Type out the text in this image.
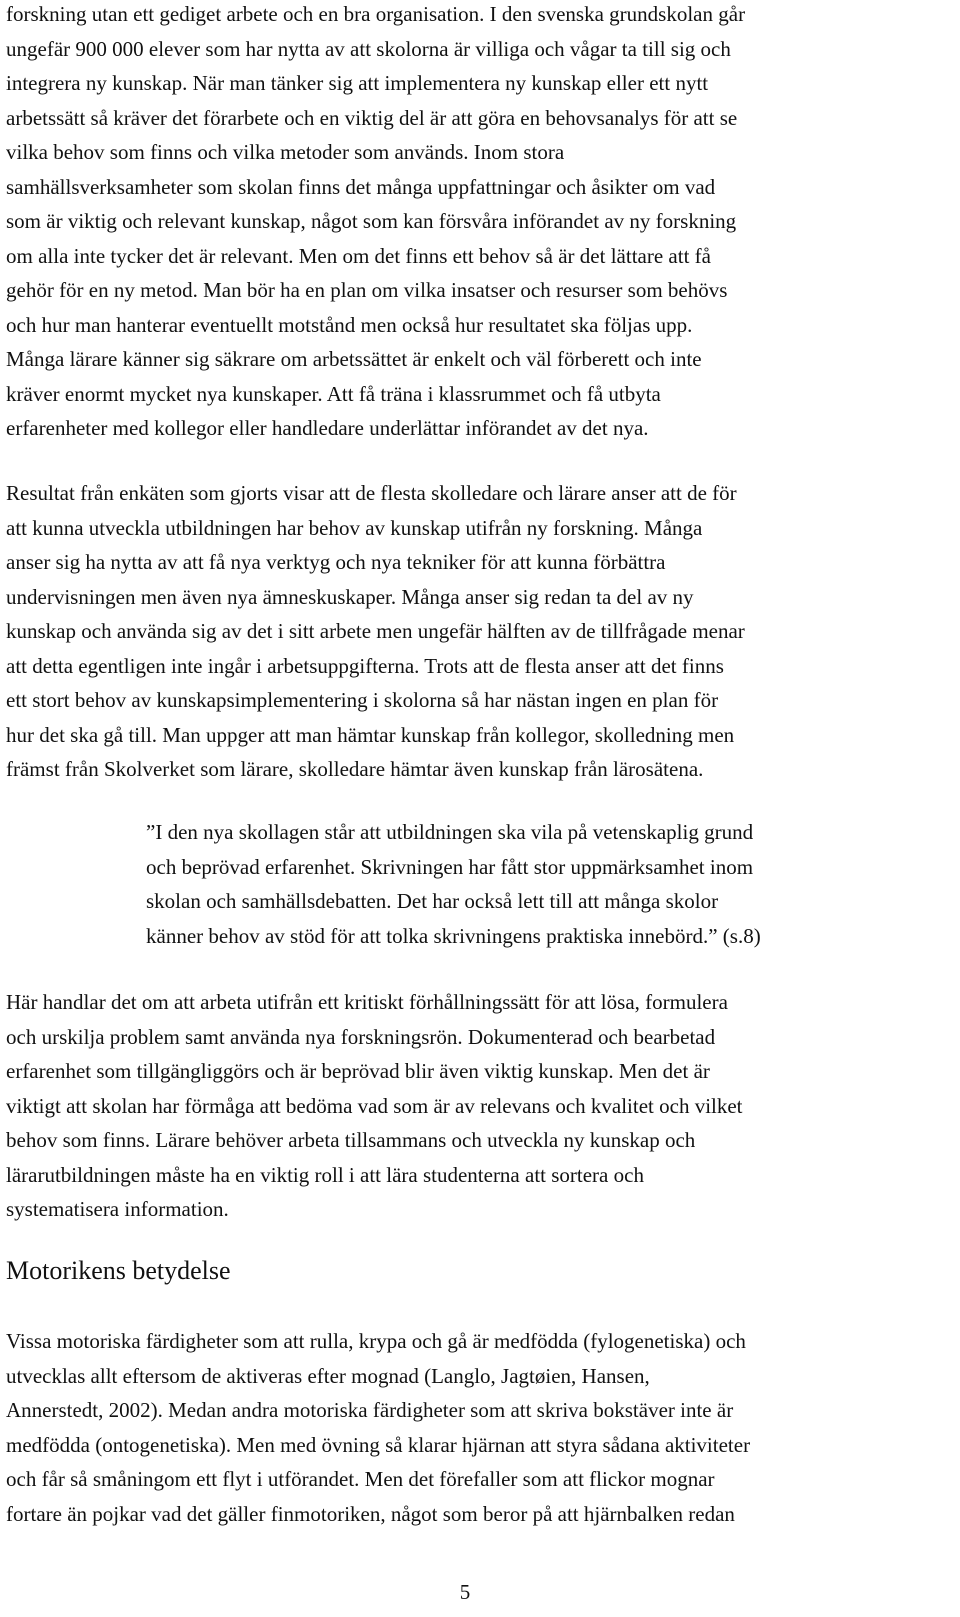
forskning utan ett gediget arbete och en bra organisation. I den svenska grundskolan går
ungefär 900 000 elever som har nytta av att skolorna är villiga och vågar ta till sig och
integrera ny kunskap. När man tänker sig att implementera ny kunskap eller ett nytt
arbetssätt så kräver det förarbete och en viktig del är att göra en behovsanalys för att se
vilka behov som finns och vilka metoder som används. Inom stora
samhällsverksamheter som skolan finns det många uppfattningar och åsikter om vad
som är viktig och relevant kunskap, något som kan försvåra införandet av ny forskning
om alla inte tycker det är relevant. Men om det finns ett behov så är det lättare att få
gehör för en ny metod. Man bör ha en plan om vilka insatser och resurser som behövs
och hur man hanterar eventuellt motstånd men också hur resultatet ska följas upp.
Många lärare känner sig säkrare om arbetssättet är enkelt och väl förberett och inte
kräver enormt mycket nya kunskaper. Att få träna i klassrummet och få utbyta
erfarenheter med kollegor eller handledare underlättar införandet av det nya.
Resultat från enkäten som gjorts visar att de flesta skolledare och lärare anser att de för
att kunna utveckla utbildningen har behov av kunskap utifrån ny forskning. Många
anser sig ha nytta av att få nya verktyg och nya tekniker för att kunna förbättra
undervisningen men även nya ämneskuskaper. Många anser sig redan ta del av ny
kunskap och använda sig av det i sitt arbete men ungefär hälften av de tillfrågade menar
att detta egentligen inte ingår i arbetsuppgifterna. Trots att de flesta anser att det finns
ett stort behov av kunskapsimplementering i skolorna så har nästan ingen en plan för
hur det ska gå till. Man uppger att man hämtar kunskap från kollegor, skolledning men
främst från Skolverket som lärare, skolledare hämtar även kunskap från lärosätena.
”I den nya skollagen står att utbildningen ska vila på vetenskaplig grund
och beprövad erfarenhet. Skrivningen har fått stor uppmärksamhet inom
skolan och samhällsdebatten. Det har också lett till att många skolor
känner behov av stöd för att tolka skrivningens praktiska innebörd.” (s.8)
Här handlar det om att arbeta utifrån ett kritiskt förhållningssätt för att lösa, formulera
och urskilja problem samt använda nya forskningsrön. Dokumenterad och bearbetad
erfarenhet som tillgängliggörs och är beprövad blir även viktig kunskap. Men det är
viktigt att skolan har förmåga att bedöma vad som är av relevans och kvalitet och vilket
behov som finns. Lärare behöver arbeta tillsammans och utveckla ny kunskap och
lärarutbildningen måste ha en viktig roll i att lära studenterna att sortera och
systematisera information.
Motorikens betydelse
Vissa motoriska färdigheter som att rulla, krypa och gå är medfödda (fylogenetiska) och
utvecklas allt eftersom de aktiveras efter mognad (Langlo, Jagtøien, Hansen,
Annerstedt, 2002). Medan andra motoriska färdigheter som att skriva bokstäver inte är
medfödda (ontogenetiska). Men med övning så klarar hjärnan att styra sådana aktiviteter
och får så småningom ett flyt i utförandet. Men det förefaller som att flickor mognar
fortare än pojkar vad det gäller finmotoriken, något som beror på att hjärnbalken redan
5
